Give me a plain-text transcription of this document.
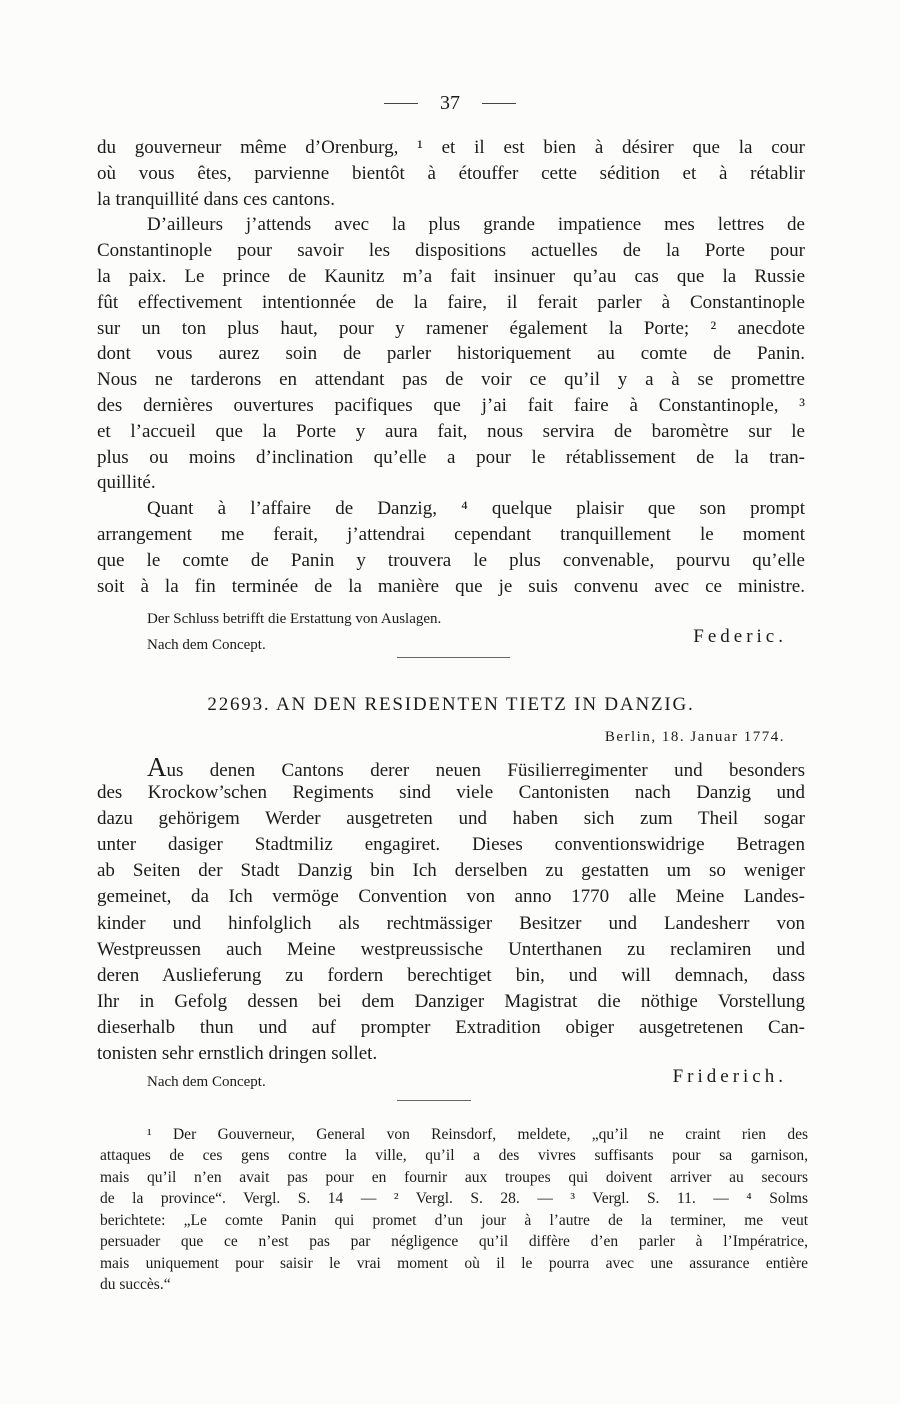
37
du gouverneur même d’Orenburg, ¹ et il est bien à désirer que la cour
où vous êtes, parvienne bientôt à étouffer cette sédition et à rétablir
la tranquillité dans ces cantons.
D’ailleurs j’attends avec la plus grande impatience mes lettres de
Constantinople pour savoir les dispositions actuelles de la Porte pour
la paix. Le prince de Kaunitz m’a fait insinuer qu’au cas que la Russie
fût effectivement intentionnée de la faire, il ferait parler à Constantinople
sur un ton plus haut, pour y ramener également la Porte; ² anecdote
dont vous aurez soin de parler historiquement au comte de Panin.
Nous ne tarderons en attendant pas de voir ce qu’il y a à se promettre
des dernières ouvertures pacifiques que j’ai fait faire à Constantinople, ³
et l’accueil que la Porte y aura fait, nous servira de baromètre sur le
plus ou moins d’inclination qu’elle a pour le rétablissement de la tran-
quillité.
Quant à l’affaire de Danzig, ⁴ quelque plaisir que son prompt
arrangement me ferait, j’attendrai cependant tranquillement le moment
que le comte de Panin y trouvera le plus convenable, pourvu qu’elle
soit à la fin terminée de la manière que je suis convenu avec ce ministre.
Der Schluss betrifft die Erstattung von Auslagen.
Nach dem Concept.	Federic.
22693. AN DEN RESIDENTEN TIETZ IN DANZIG.
Berlin, 18. Januar 1774.
Aus denen Cantons derer neuen Füsilierregimenter und besonders
des Krockow’schen Regiments sind viele Cantonisten nach Danzig und
dazu gehörigem Werder ausgetreten und haben sich zum Theil sogar
unter dasiger Stadtmiliz engagiret. Dieses conventionswidrige Betragen
ab Seiten der Stadt Danzig bin Ich derselben zu gestatten um so weniger
gemeinet, da Ich vermöge Convention von anno 1770 alle Meine Landes-
kinder und hinfolglich als rechtmässiger Besitzer und Landesherr von
Westpreussen auch Meine westpreussische Unterthanen zu reclamiren und
deren Auslieferung zu fordern berechtiget bin, und will demnach, dass
Ihr in Gefolg dessen bei dem Danziger Magistrat die nöthige Vorstellung
dieserhalb thun und auf prompter Extradition obiger ausgetretenen Can-
tonisten sehr ernstlich dringen sollet.
Nach dem Concept.	Friderich.
¹ Der Gouverneur, General von Reinsdorf, meldete, „qu’il ne craint rien des
attaques de ces gens contre la ville, qu’il a des vivres suffisants pour sa garnison,
mais qu’il n’en avait pas pour en fournir aux troupes qui doivent arriver au secours
de la province“. Vergl. S. 14 — ² Vergl. S. 28. — ³ Vergl. S. 11. — ⁴ Solms
berichtete: „Le comte Panin qui promet d’un jour à l’autre de la terminer, me veut
persuader que ce n’est pas par négligence qu’il diffère d’en parler à l’Impératrice,
mais uniquement pour saisir le vrai moment où il le pourra avec une assurance entière
du succès.“
